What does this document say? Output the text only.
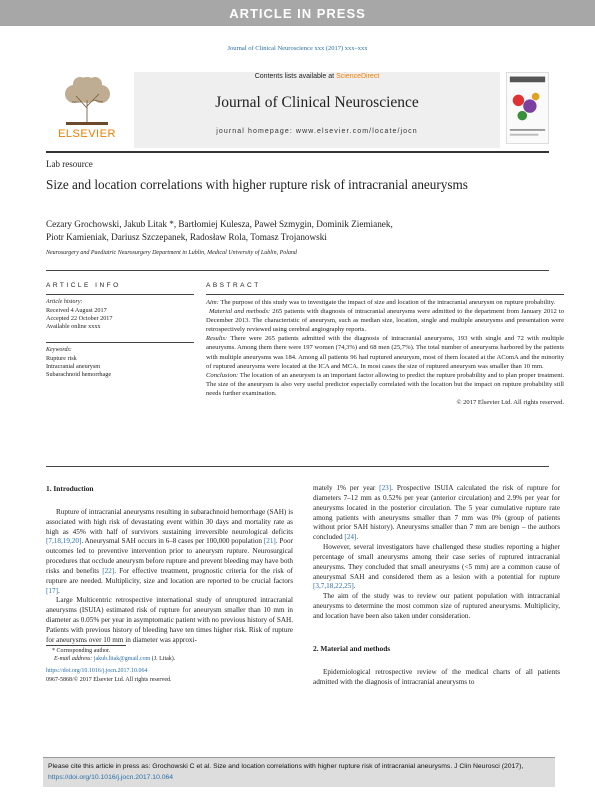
ARTICLE IN PRESS
Journal of Clinical Neuroscience xxx (2017) xxx–xxx
ELSEVIER
Contents lists available at ScienceDirect
Journal of Clinical Neuroscience
journal homepage: www.elsevier.com/locate/jocn
Lab resource
Size and location correlations with higher rupture risk of intracranial aneurysms
Cezary Grochowski, Jakub Litak *, Bartłomiej Kulesza, Paweł Szmygin, Dominik Ziemianek,
Piotr Kamieniak, Dariusz Szczepanek, Radosław Rola, Tomasz Trojanowski
Neurosurgery and Paediatric Neurosurgery Department in Lublin, Medical University of Lublin, Poland
ARTICLE INFO	ABSTRACT
Article history:
Received 4 August 2017
Accepted 22 October 2017
Available online xxxx
Keywords:
Rupture risk
Intracranial aneurysm
Subarachnoid hemorrhage

Aim: The purpose of this study was to investigate the impact of size and location of the intracranial aneurysm on rupture probability.

Material and methods: 265 patients with diagnosis of intracranial aneurysms were admitted to the department from January 2012 to December 2013. The characteristic of aneurysm, such as median size, location, single and multiple aneurysms and presentation were retrospectively reviewed using cerebral angiography reports.

Results: There were 265 patients admitted with the diagnosis of intracranial aneurysms, 193 with single and 72 with multiple aneurysms. Among them there were 197 women (74,3%) and 68 men (25,7%). The total number of aneurysms harbored by the patients with multiple aneurysms was 184. Among all patients 96 had ruptured aneurysm, most of them located at the AComA and the minority of ruptured aneurysms were located at the ICA and MCA. In most cases the size of ruptured aneurysm was smaller than 10 mm.

Conclusion: The location of an aneurysm is an important factor allowing to predict the rupture probability and to plan proper treatment. The size of the aneurysm is also very useful predictor especially correlated with the location but the impact on rupture probability still needs further examination.

© 2017 Elsevier Ltd. All rights reserved.

1. Introduction

Rupture of intracranial aneurysms resulting in subarachnoid hemorrhage (SAH) is associated with high risk of devastating event within 30 days and mortality rate as high as 45% with half of survivors sustaining irreversible neurological deficits [7,18,19,20]. Aneurysmal SAH occurs in 6–8 cases per 100,000 population [21]. Poor outcomes led to preventive intervention prior to aneurysm rupture. Neurosurgical procedures that occlude aneurysm before rupture and prevent bleeding may have both risks and benefits [22]. For effective treatment, prognostic criteria for the risk of rupture are needed. Multiplicity, size and location are reported to be crucial factors [17].

Large Multicentric retrospective international study of unruptured intracranial aneurysms (ISUIA) estimated risk of rupture for aneurysm smaller than 10 mm in diameter as 0.05% per year in asymptomatic patient with no previous history of SAH. Patients with previous history of bleeding have ten times higher risk. Risk of rupture for aneurysms over 10 mm in diameter was approxi-

mately 1% per year [23]. Prospective ISUIA calculated the risk of rupture for diameters 7–12 mm as 0.52% per year (anterior circulation) and 2.9% per year for aneurysms located in the posterior circulation. The 5 year cumulative rupture rate among patients with aneurysms smaller than 7 mm was 0% (group of patients without prior SAH history). Aneurysms smaller than 7 mm are benign – the authors concluded [24].

However, several investigators have challenged these studies reporting a higher percentage of small aneurysms among their case series of ruptured intracranial aneurysms. They concluded that small aneurysms (<5 mm) are a common cause of aneurysmal SAH and considered them as a lesion with a potential for rupture [3,7,18,22,25].

The aim of the study was to review our patient population with intracranial aneurysms to determine the most common size of ruptured aneurysms. Multiplicity, and location have been also taken under consideration.

2. Material and methods

Epidemiological retrospective review of the medical charts of all patients admitted with the diagnosis of intracranial aneurysms to

* Corresponding author.
E-mail address: jakub.litak@gmail.com (J. Litak).
https://doi.org/10.1016/j.jocn.2017.10.064
0967-5868/© 2017 Elsevier Ltd. All rights reserved.
Please cite this article in press as: Grochowski C et al. Size and location correlations with higher rupture risk of intracranial aneurysms. J Clin Neurosci (2017), https://doi.org/10.1016/j.jocn.2017.10.064
